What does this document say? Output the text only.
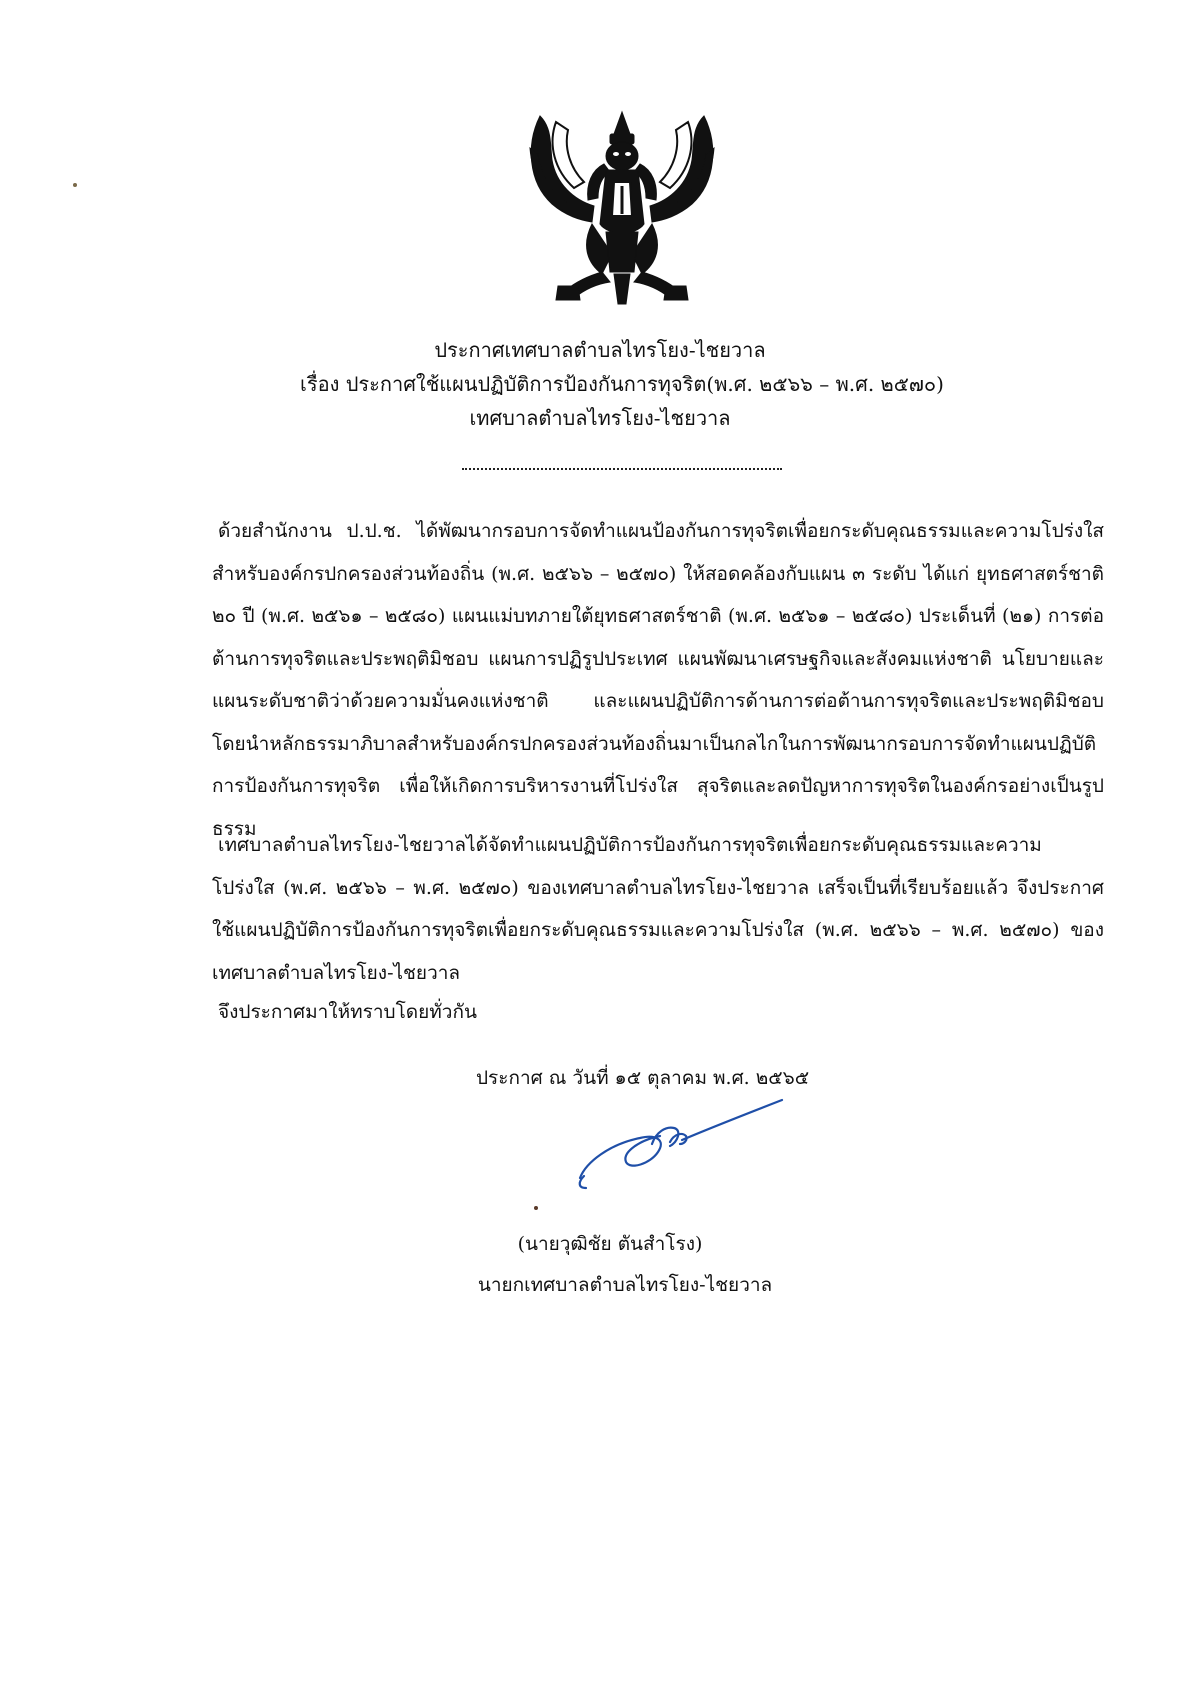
ประกาศเทศบาลตำบลไทรโยง-ไชยวาล
เรื่อง ประกาศใช้แผนปฏิบัติการป้องกันการทุจริต(พ.ศ. ๒๕๖๖ – พ.ศ. ๒๕๗๐)
เทศบาลตำบลไทรโยง-ไชยวาล
ด้วยสำนักงาน ป.ป.ช. ได้พัฒนากรอบการจัดทำแผนป้องกันการทุจริตเพื่อยกระดับคุณธรรมและความโปร่งใส สำหรับองค์กรปกครองส่วนท้องถิ่น (พ.ศ. ๒๕๖๖ – ๒๕๗๐) ให้สอดคล้องกับแผน ๓ ระดับ ได้แก่ ยุทธศาสตร์ชาติ ๒๐ ปี (พ.ศ. ๒๕๖๑ – ๒๕๘๐) แผนแม่บทภายใต้ยุทธศาสตร์ชาติ (พ.ศ. ๒๕๖๑ – ๒๕๘๐) ประเด็นที่ (๒๑) การต่อต้านการทุจริตและประพฤติมิชอบ แผนการปฏิรูปประเทศ แผนพัฒนาเศรษฐกิจและสังคมแห่งชาติ นโยบายและแผนระดับชาติว่าด้วยความมั่นคงแห่งชาติ และแผนปฏิบัติการด้านการต่อต้านการทุจริตและประพฤติมิชอบ โดยนำหลักธรรมาภิบาลสำหรับองค์กรปกครองส่วนท้องถิ่นมาเป็นกลไกในการพัฒนากรอบการจัดทำแผนปฏิบัติการป้องกันการทุจริต เพื่อให้เกิดการบริหารงานที่โปร่งใส สุจริตและลดปัญหาการทุจริตในองค์กรอย่างเป็นรูปธรรม
เทศบาลตำบลไทรโยง-ไชยวาลได้จัดทำแผนปฏิบัติการป้องกันการทุจริตเพื่อยกระดับคุณธรรมและความโปร่งใส (พ.ศ. ๒๕๖๖ – พ.ศ. ๒๕๗๐) ของเทศบาลตำบลไทรโยง-ไชยวาล เสร็จเป็นที่เรียบร้อยแล้ว จึงประกาศใช้แผนปฏิบัติการป้องกันการทุจริตเพื่อยกระดับคุณธรรมและความโปร่งใส (พ.ศ. ๒๕๖๖ – พ.ศ. ๒๕๗๐) ของเทศบาลตำบลไทรโยง-ไชยวาล
จึงประกาศมาให้ทราบโดยทั่วกัน
ประกาศ ณ วันที่ ๑๕ ตุลาคม พ.ศ. ๒๕๖๕
(นายวุฒิชัย ตันสำโรง)
นายกเทศบาลตำบลไทรโยง-ไชยวาล
